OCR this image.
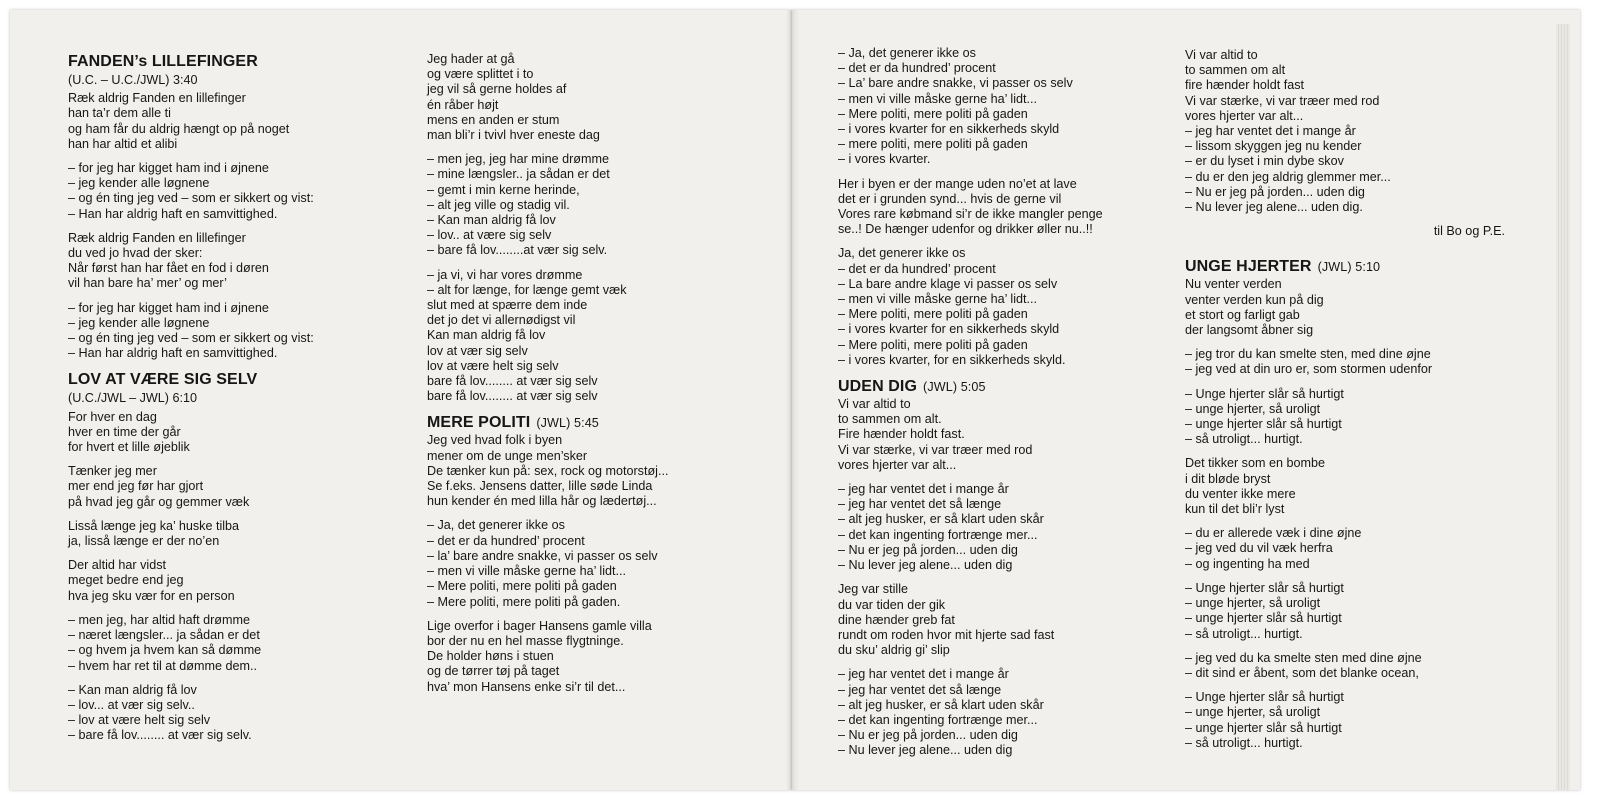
FANDEN’s LILLEFINGER
(U.C. – U.C./JWL) 3:40
Ræk aldrig Fanden en lillefinger
han ta’r dem alle ti
og ham får du aldrig hængt op på noget
han har altid et alibi
– for jeg har kigget ham ind i øjnene
– jeg kender alle løgnene
– og én ting jeg ved – som er sikkert og vist:
– Han har aldrig haft en samvittighed.
Ræk aldrig Fanden en lillefinger
du ved jo hvad der sker:
Når først han har fået en fod i døren
vil han bare ha’ mer’ og mer’
– for jeg har kigget ham ind i øjnene
– jeg kender alle løgnene
– og én ting jeg ved – som er sikkert og vist:
– Han har aldrig haft en samvittighed.
LOV AT VÆRE SIG SELV
(U.C./JWL – JWL) 6:10
For hver en dag
hver en time der går
for hvert et lille øjeblik
Tænker jeg mer
mer end jeg før har gjort
på hvad jeg går og gemmer væk
Lisså længe jeg ka’ huske tilba
ja, lisså længe er der no’en
Der altid har vidst
meget bedre end jeg
hva jeg sku vær for en person
– men jeg, har altid haft drømme
– næret længsler... ja sådan er det
– og hvem ja hvem kan så dømme
– hvem har ret til at dømme dem..
– Kan man aldrig få lov
– lov... at vær sig selv..
– lov at være helt sig selv
– bare få lov........ at vær sig selv.
Jeg hader at gå
og være splittet i to
jeg vil så gerne holdes af
én råber højt
mens en anden er stum
man bli’r i tvivl hver eneste dag
– men jeg, jeg har mine drømme
– mine længsler.. ja sådan er det
– gemt i min kerne herinde,
– alt jeg ville og stadig vil.
– Kan man aldrig få lov
– lov.. at være sig selv
– bare få lov........at vær sig selv.
– ja vi, vi har vores drømme
– alt for længe, for længe gemt væk
slut med at spærre dem inde
det jo det vi allernødigst vil
Kan man aldrig få lov
lov at vær sig selv
lov at være helt sig selv
bare få lov........ at vær sig selv
bare få lov........ at vær sig selv
MERE POLITI (JWL) 5:45
Jeg ved hvad folk i byen
mener om de unge men’sker
De tænker kun på: sex, rock og motorstøj...
Se f.eks. Jensens datter, lille søde Linda
hun kender én med lilla hår og lædertøj...
– Ja, det generer ikke os
– det er da hundred’ procent
– la’ bare andre snakke, vi passer os selv
– men vi ville måske gerne ha’ lidt...
– Mere politi, mere politi på gaden
– Mere politi, mere politi på gaden.
Lige overfor i bager Hansens gamle villa
bor der nu en hel masse flygtninge.
De holder høns i stuen
og de tørrer tøj på taget
hva’ mon Hansens enke si’r til det...
– Ja, det generer ikke os
– det er da hundred’ procent
– La’ bare andre snakke, vi passer os selv
– men vi ville måske gerne ha’ lidt...
– Mere politi, mere politi på gaden
– i vores kvarter for en sikkerheds skyld
– mere politi, mere politi på gaden
– i vores kvarter.
Her i byen er der mange uden no’et at lave
det er i grunden synd... hvis de gerne vil
Vores rare købmand si’r de ikke mangler penge
se..! De hænger udenfor og drikker øller nu..!!
Ja, det generer ikke os
– det er da hundred’ procent
– La bare andre klage vi passer os selv
– men vi ville måske gerne ha’ lidt...
– Mere politi, mere politi på gaden
– i vores kvarter for en sikkerheds skyld
– Mere politi, mere politi på gaden
– i vores kvarter, for en sikkerheds skyld.
UDEN DIG (JWL) 5:05
Vi var altid to
to sammen om alt.
Fire hænder holdt fast.
Vi var stærke, vi var træer med rod
vores hjerter var alt...
– jeg har ventet det i mange år
– jeg har ventet det så længe
– alt jeg husker, er så klart uden skår
– det kan ingenting fortrænge mer...
– Nu er jeg på jorden... uden dig
– Nu lever jeg alene... uden dig
Jeg var stille
du var tiden der gik
dine hænder greb fat
rundt om roden hvor mit hjerte sad fast
du sku’ aldrig gi’ slip
– jeg har ventet det i mange år
– jeg har ventet det så længe
– alt jeg husker, er så klart uden skår
– det kan ingenting fortrænge mer...
– Nu er jeg på jorden... uden dig
– Nu lever jeg alene... uden dig
Vi var altid to
to sammen om alt
fire hænder holdt fast
Vi var stærke, vi var træer med rod
vores hjerter var alt...
– jeg har ventet det i mange år
– lissom skyggen jeg nu kender
– er du lyset i min dybe skov
– du er den jeg aldrig glemmer mer...
– Nu er jeg på jorden... uden dig
– Nu lever jeg alene... uden dig.
til Bo og P.E.
UNGE HJERTER (JWL) 5:10
Nu venter verden
venter verden kun på dig
et stort og farligt gab
der langsomt åbner sig
– jeg tror du kan smelte sten, med dine øjne
– jeg ved at din uro er, som stormen udenfor
– Unge hjerter slår så hurtigt
– unge hjerter, så uroligt
– unge hjerter slår så hurtigt
– så utroligt... hurtigt.
Det tikker som en bombe
i dit bløde bryst
du venter ikke mere
kun til det bli’r lyst
– du er allerede væk i dine øjne
– jeg ved du vil væk herfra
– og ingenting ha med
– Unge hjerter slår så hurtigt
– unge hjerter, så uroligt
– unge hjerter slår så hurtigt
– så utroligt... hurtigt.
– jeg ved du ka smelte sten med dine øjne
– dit sind er åbent, som det blanke ocean,
– Unge hjerter slår så hurtigt
– unge hjerter, så uroligt
– unge hjerter slår så hurtigt
– så utroligt... hurtigt.
